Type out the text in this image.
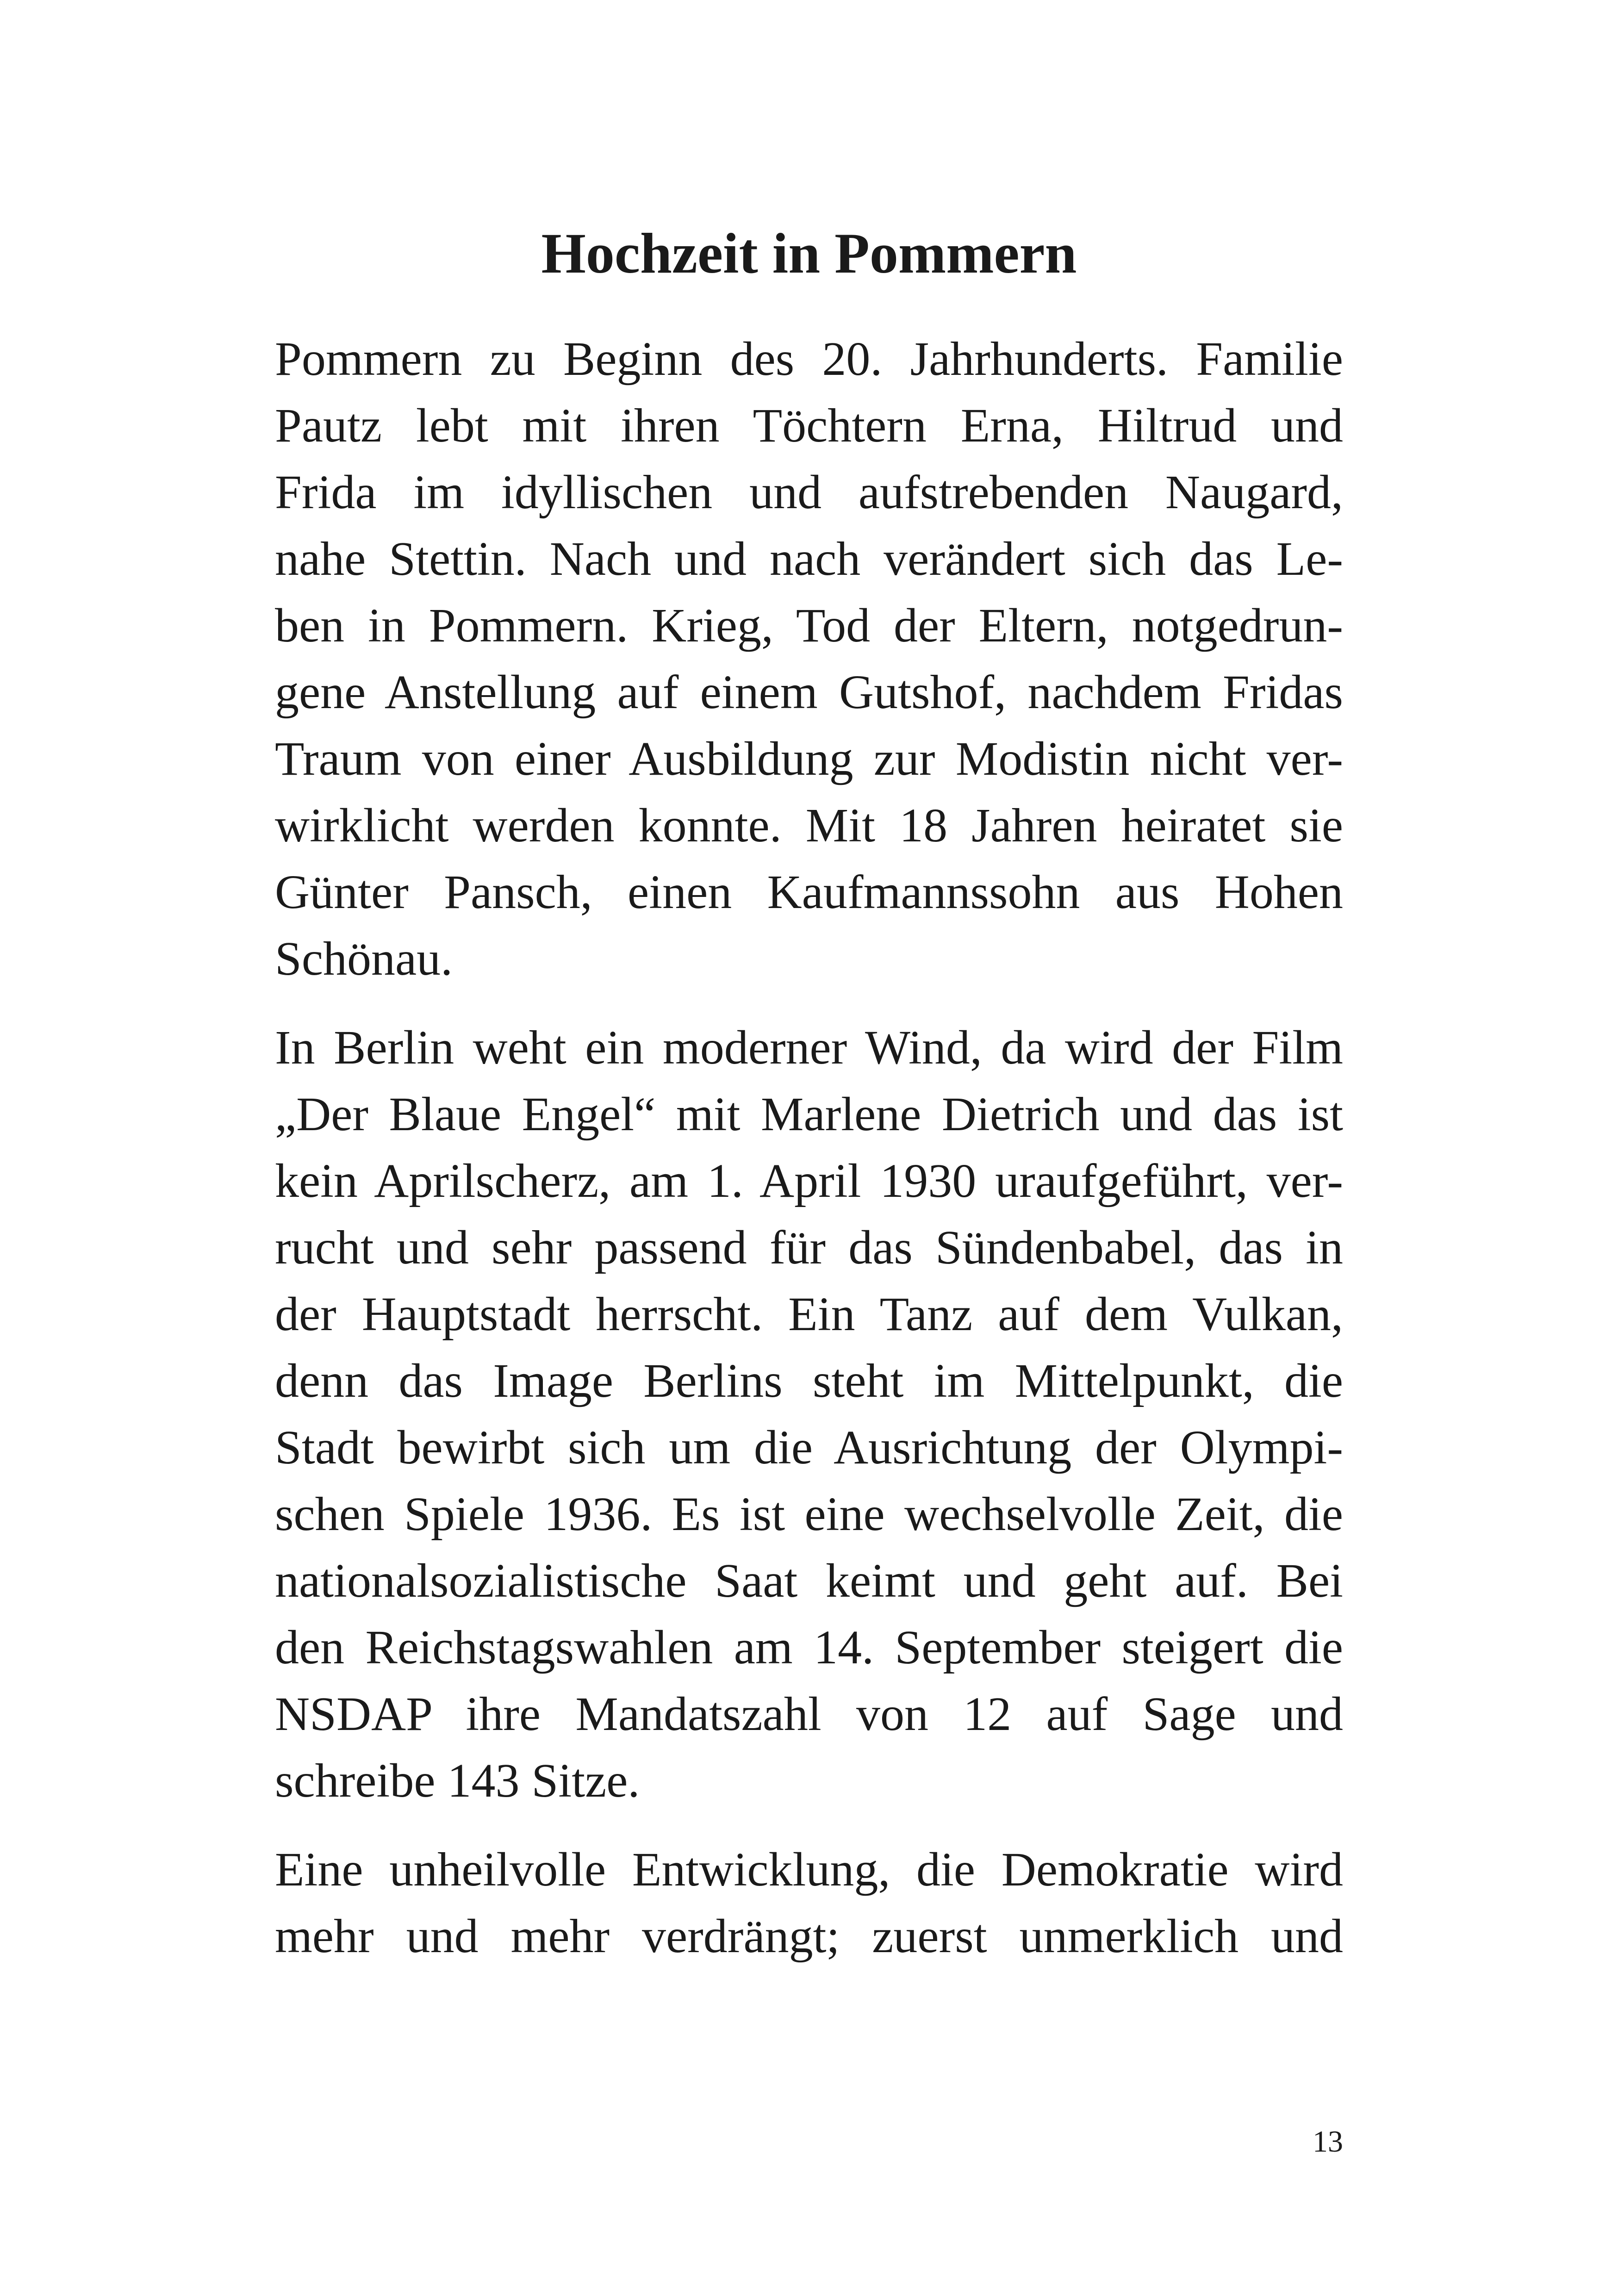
Hochzeit in Pommern

Pommern zu Beginn des 20. Jahrhunderts. Familie
Pautz lebt mit ihren Töchtern Erna, Hiltrud und
Frida im idyllischen und aufstrebenden Naugard,
nahe Stettin. Nach und nach verändert sich das Le-
ben in Pommern. Krieg, Tod der Eltern, notgedrun-
gene Anstellung auf einem Gutshof, nachdem Fridas
Traum von einer Ausbildung zur Modistin nicht ver-
wirklicht werden konnte. Mit 18 Jahren heiratet sie
Günter Pansch, einen Kaufmannssohn aus Hohen
Schönau.

In Berlin weht ein moderner Wind, da wird der Film
„Der Blaue Engel“ mit Marlene Dietrich und das ist
kein Aprilscherz, am 1. April 1930 uraufgeführt, ver-
rucht und sehr passend für das Sündenbabel, das in
der Hauptstadt herrscht. Ein Tanz auf dem Vulkan,
denn das Image Berlins steht im Mittelpunkt, die
Stadt bewirbt sich um die Ausrichtung der Olympi-
schen Spiele 1936. Es ist eine wechselvolle Zeit, die
nationalsozialistische Saat keimt und geht auf. Bei
den Reichstagswahlen am 14. September steigert die
NSDAP ihre Mandatszahl von 12 auf Sage und
schreibe 143 Sitze.

Eine unheilvolle Entwicklung, die Demokratie wird
mehr und mehr verdrängt; zuerst unmerklich und

13
